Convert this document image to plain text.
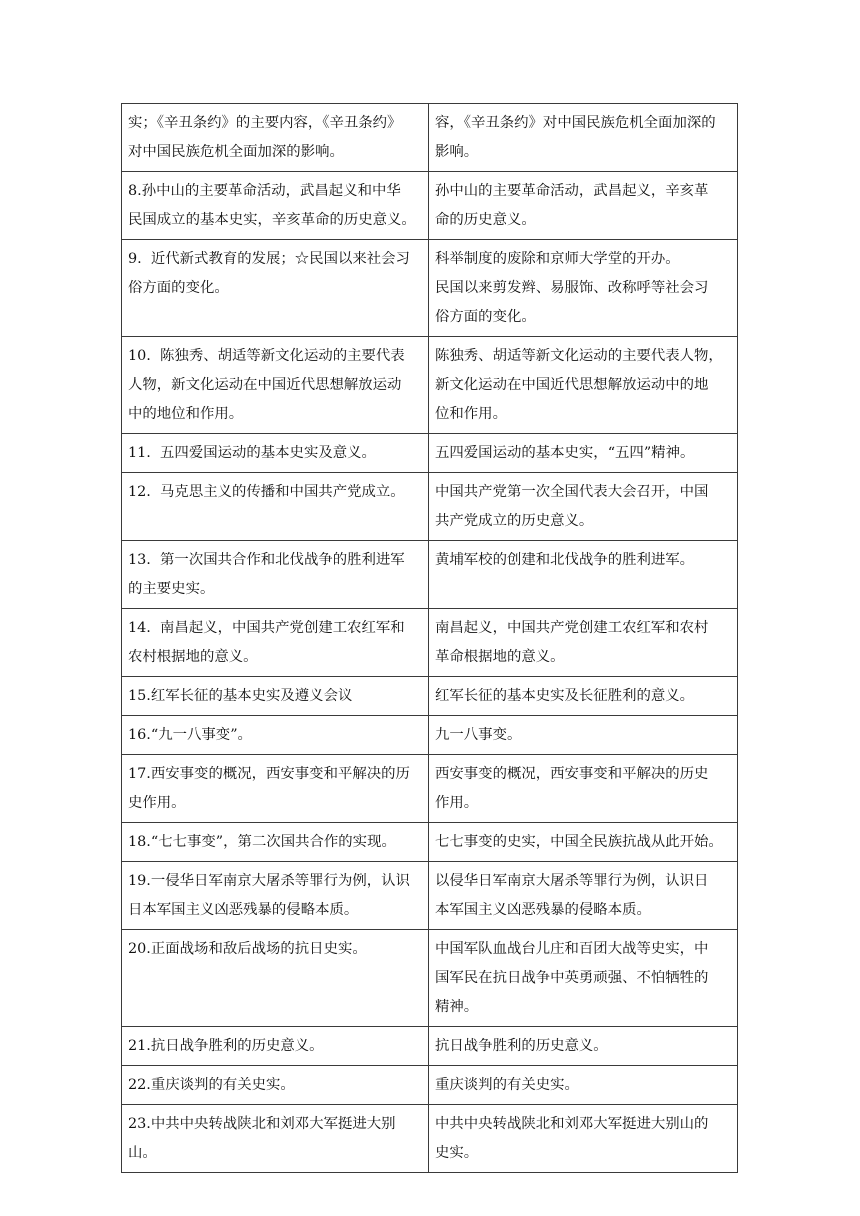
实；《辛丑条约》的主要内容，《辛丑条约》
对中国民族危机全面加深的影响。	容，《辛丑条约》对中国民族危机全面加深的
影响。

8.孙中山的主要革命活动，武昌起义和中华
民国成立的基本史实，辛亥革命的历史意义。	孙中山的主要革命活动，武昌起义，辛亥革
命的历史意义。

9.  近代新式教育的发展；☆民国以来社会习
俗方面的变化。	科举制度的废除和京师大学堂的开办。
民国以来剪发辫、易服饰、改称呼等社会习
俗方面的变化。

10.  陈独秀、胡适等新文化运动的主要代表
人物，新文化运动在中国近代思想解放运动
中的地位和作用。	陈独秀、胡适等新文化运动的主要代表人物，
新文化运动在中国近代思想解放运动中的地
位和作用。

11.  五四爱国运动的基本史实及意义。	五四爱国运动的基本史实，“五四”精神。

12.  马克思主义的传播和中国共产党成立。	中国共产党第一次全国代表大会召开，中国
共产党成立的历史意义。

13.  第一次国共合作和北伐战争的胜利进军
的主要史实。	黄埔军校的创建和北伐战争的胜利进军。

14.  南昌起义，中国共产党创建工农红军和
农村根据地的意义。	南昌起义，中国共产党创建工农红军和农村
革命根据地的意义。

15.红军长征的基本史实及遵义会议	红军长征的基本史实及长征胜利的意义。

16.“九一八事变”。	九一八事变。

17.西安事变的概况，西安事变和平解决的历
史作用。	西安事变的概况，西安事变和平解决的历史
作用。

18.“七七事变”，第二次国共合作的实现。	七七事变的史实，中国全民族抗战从此开始。

19.一侵华日军南京大屠杀等罪行为例，认识
日本军国主义凶恶残暴的侵略本质。	以侵华日军南京大屠杀等罪行为例，认识日
本军国主义凶恶残暴的侵略本质。

20.正面战场和敌后战场的抗日史实。	中国军队血战台儿庄和百团大战等史实，中
国军民在抗日战争中英勇顽强、不怕牺牲的
精神。

21.抗日战争胜利的历史意义。	抗日战争胜利的历史意义。

22.重庆谈判的有关史实。	重庆谈判的有关史实。

23.中共中央转战陕北和刘邓大军挺进大别
山。	中共中央转战陕北和刘邓大军挺进大别山的
史实。
